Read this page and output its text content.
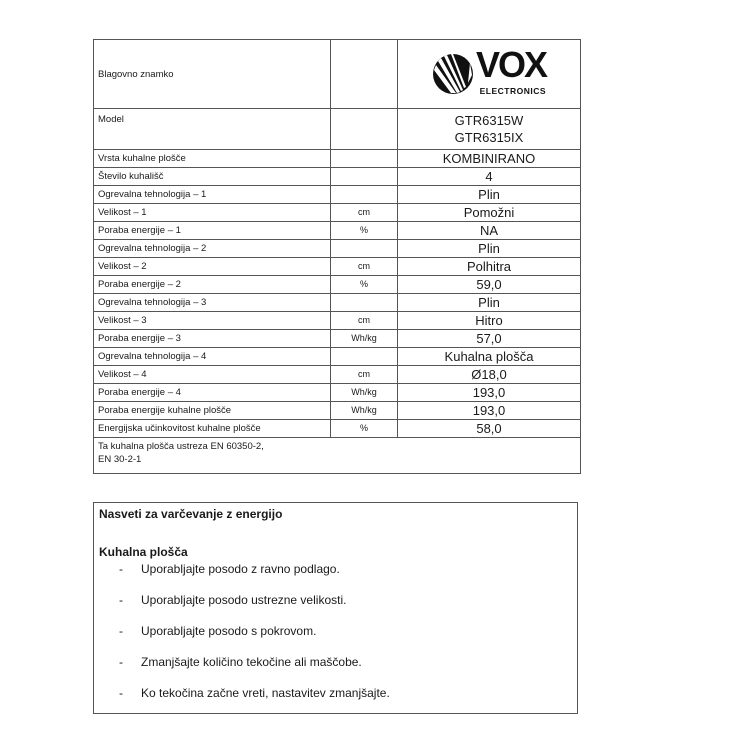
Blagovno znamko		VOX
ELECTRONICS

Model		GTR6315W
GTR6315IX

Vrsta kuhalne plošče		KOMBINIRANO
Število kuhališč		4
Ogrevalna tehnologija – 1		Plin
Velikost – 1	cm	Pomožni
Poraba energije – 1	%	NA
Ogrevalna tehnologija – 2		Plin
Velikost – 2	cm	Polhitra
Poraba energije – 2	%	59,0
Ogrevalna tehnologija – 3		Plin
Velikost – 3	cm	Hitro
Poraba energije – 3	Wh/kg	57,0
Ogrevalna tehnologija – 4		Kuhalna plošča
Velikost – 4	cm	Ø18,0
Poraba energije – 4	Wh/kg	193,0
Poraba energije kuhalne plošče	Wh/kg	193,0
Energijska učinkovitost kuhalne plošče	%	58,0

Ta kuhalna plošča ustreza EN 60350-2,
EN 30-2-1		

Nasveti za varčevanje z energijo

Kuhalna plošča

-	Uporabljajte posodo z ravno podlago.
-	Uporabljajte posodo ustrezne velikosti.
-	Uporabljajte posodo s pokrovom.
-	Zmanjšajte količino tekočine ali maščobe.
-	Ko tekočina začne vreti, nastavitev zmanjšajte.
